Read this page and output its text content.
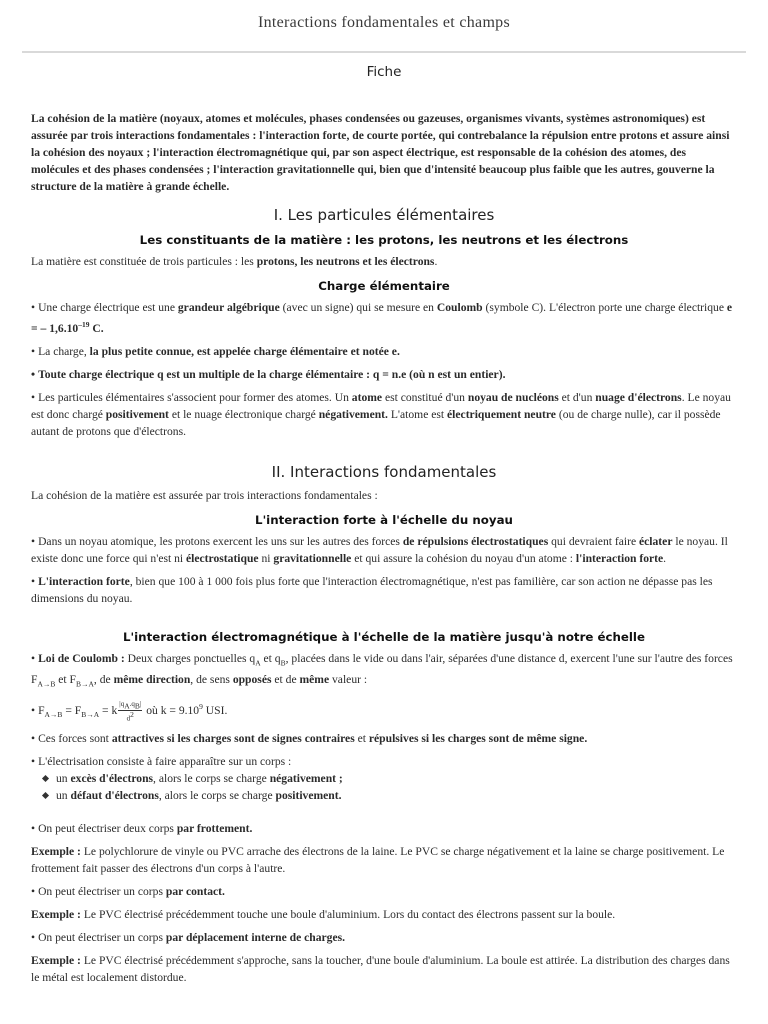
Interactions fondamentales et champs
Fiche

La cohésion de la matière (noyaux, atomes et molécules, phases condensées ou gazeuses, organismes vivants, systèmes astronomiques) est assurée par trois interactions fondamentales : l'interaction forte, de courte portée, qui contrebalance la répulsion entre protons et assure ainsi la cohésion des noyaux ; l'interaction électromagnétique qui, par son aspect électrique, est responsable de la cohésion des atomes, des molécules et des phases condensées ; l'interaction gravitationnelle qui, bien que d'intensité beaucoup plus faible que les autres, gouverne la structure de la matière à grande échelle.

I. Les particules élémentaires
Les constituants de la matière : les protons, les neutrons et les électrons

La matière est constituée de trois particules : les protons, les neutrons et les électrons.

Charge élémentaire

• Une charge électrique est une grandeur algébrique (avec un signe) qui se mesure en Coulomb (symbole C). L'électron porte une charge électrique e = – $1,6.10^{-19}$ C.

• La charge, la plus petite connue, est appelée charge élémentaire et notée e.

• Toute charge électrique q est un multiple de la charge élémentaire : q = n.e (où n est un entier).

• Les particules élémentaires s'associent pour former des atomes. Un atome est constitué d'un noyau de nucléons et d'un nuage d'électrons. Le noyau est donc chargé positivement et le nuage électronique chargé négativement. L'atome est électriquement neutre (ou de charge nulle), car il possède autant de protons que d'électrons.

II. Interactions fondamentales

La cohésion de la matière est assurée par trois interactions fondamentales :

L'interaction forte à l'échelle du noyau

• Dans un noyau atomique, les protons exercent les uns sur les autres des forces de répulsions électrostatiques qui devraient faire éclater le noyau. Il existe donc une force qui n'est ni électrostatique ni gravitationnelle et qui assure la cohésion du noyau d'un atome : l'interaction forte.

• L'interaction forte, bien que 100 à 1 000 fois plus forte que l'interaction électromagnétique, n'est pas familière, car son action ne dépasse pas les dimensions du noyau.

L'interaction électromagnétique à l'échelle de la matière jusqu'à notre échelle

• Loi de Coulomb : Deux charges ponctuelles $q_A$ et $q_B$, placées dans le vide ou dans l'air, séparées d'une distance d, exercent l'une sur l'autre des forces $F_{A\to B}$ et $F_{B\to A}$, de même direction, de sens opposés et de même valeur :

• $F_{A\to B} = F_{B\to A} = k \frac{|q_A.q_B|}{d^2}$ où $k = 9.10^9$ USI.

• Ces forces sont attractives si les charges sont de signes contraires et répulsives si les charges sont de même signe.

• L'électrisation consiste à faire apparaître sur un corps :

un excès d'électrons, alors le corps se charge négativement ;
un défaut d'électrons, alors le corps se charge positivement.

• On peut électriser deux corps par frottement.

Exemple : Le polychlorure de vinyle ou PVC arrache des électrons de la laine. Le PVC se charge négativement et la laine se charge positivement. Le frottement fait passer des électrons d'un corps à l'autre.

• On peut électriser un corps par contact.

Exemple : Le PVC électrisé précédemment touche une boule d'aluminium. Lors du contact des électrons passent sur la boule.

• On peut électriser un corps par déplacement interne de charges.

Exemple : Le PVC électrisé précédemment s'approche, sans la toucher, d'une boule d'aluminium. La boule est attirée. La distribution des charges dans le métal est localement distordue.
